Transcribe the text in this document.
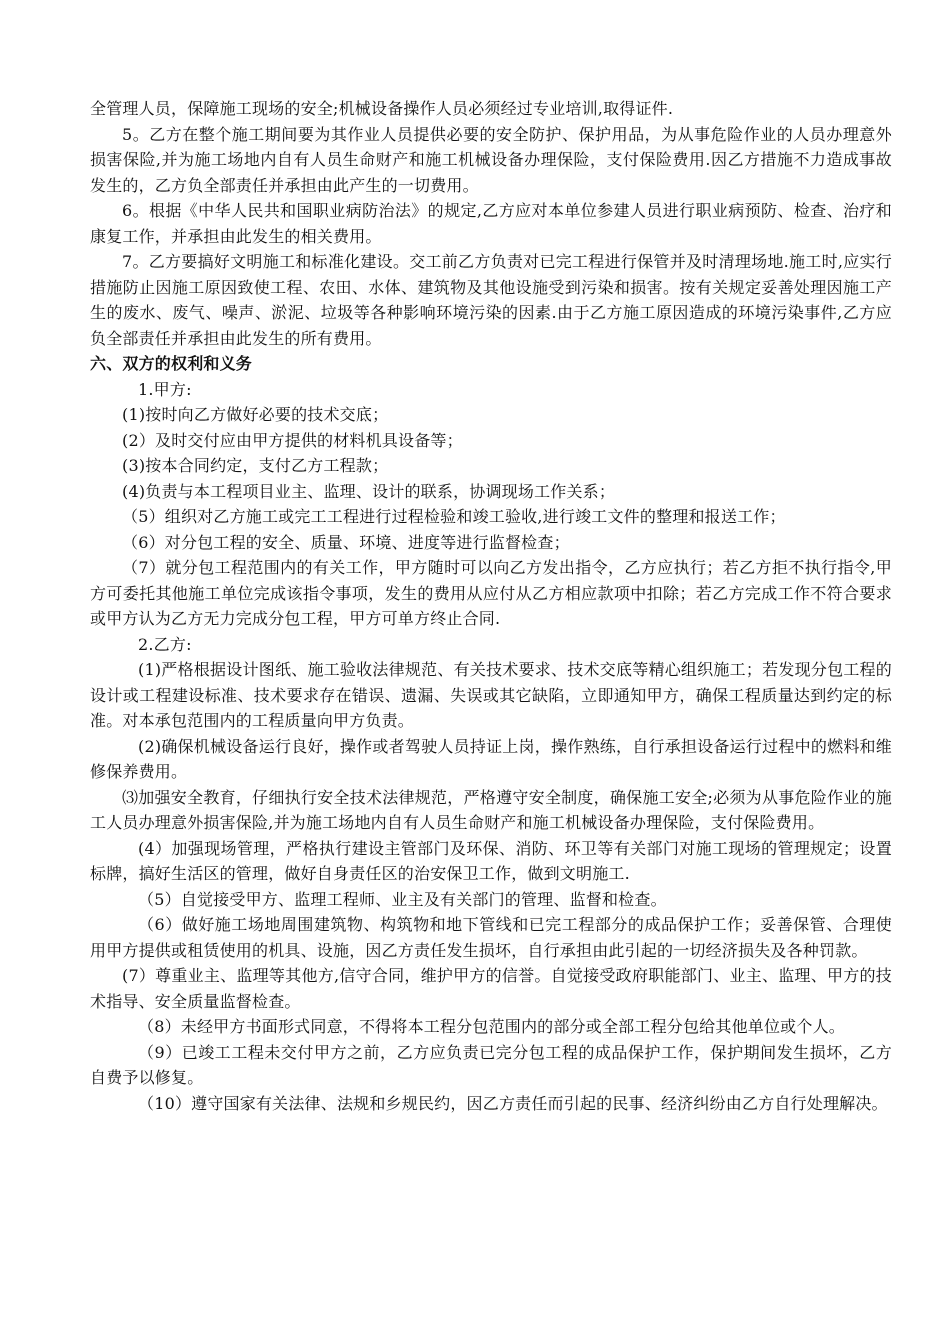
全管理人员，保障施工现场的安全;机械设备操作人员必须经过专业培训,取得证件.

5。乙方在整个施工期间要为其作业人员提供必要的安全防护、保护用品，为从事危险作业的人员办理意外损害保险,并为施工场地内自有人员生命财产和施工机械设备办理保险，支付保险费用.因乙方措施不力造成事故发生的，乙方负全部责任并承担由此产生的一切费用。

6。根据《中华人民共和国职业病防治法》的规定,乙方应对本单位参建人员进行职业病预防、检查、治疗和康复工作，并承担由此发生的相关费用。

7。乙方要搞好文明施工和标准化建设。交工前乙方负责对已完工程进行保管并及时清理场地.施工时,应实行措施防止因施工原因致使工程、农田、水体、建筑物及其他设施受到污染和损害。按有关规定妥善处理因施工产生的废水、废气、噪声、淤泥、垃圾等各种影响环境污染的因素.由于乙方施工原因造成的环境污染事件,乙方应负全部责任并承担由此发生的所有费用。

六、双方的权利和义务

1.甲方:

(1)按时向乙方做好必要的技术交底；

(2）及时交付应由甲方提供的材料机具设备等；

(3)按本合同约定，支付乙方工程款；

(4)负责与本工程项目业主、监理、设计的联系，协调现场工作关系；

（5）组织对乙方施工或完工工程进行过程检验和竣工验收,进行竣工文件的整理和报送工作；

（6）对分包工程的安全、质量、环境、进度等进行监督检查；

（7）就分包工程范围内的有关工作，甲方随时可以向乙方发出指令，乙方应执行；若乙方拒不执行指令,甲方可委托其他施工单位完成该指令事项，发生的费用从应付从乙方相应款项中扣除；若乙方完成工作不符合要求或甲方认为乙方无力完成分包工程，甲方可单方终止合同.

2.乙方:

(1)严格根据设计图纸、施工验收法律规范、有关技术要求、技术交底等精心组织施工；若发现分包工程的设计或工程建设标准、技术要求存在错误、遗漏、失误或其它缺陷，立即通知甲方，确保工程质量达到约定的标准。对本承包范围内的工程质量向甲方负责。

(2)确保机械设备运行良好，操作或者驾驶人员持证上岗，操作熟练，自行承担设备运行过程中的燃料和维修保养费用。

⑶加强安全教育，仔细执行安全技术法律规范，严格遵守安全制度，确保施工安全;必须为从事危险作业的施工人员办理意外损害保险,并为施工场地内自有人员生命财产和施工机械设备办理保险，支付保险费用。

(4）加强现场管理，严格执行建设主管部门及环保、消防、环卫等有关部门对施工现场的管理规定；设置标牌，搞好生活区的管理，做好自身责任区的治安保卫工作，做到文明施工.

（5）自觉接受甲方、监理工程师、业主及有关部门的管理、监督和检查。

（6）做好施工场地周围建筑物、构筑物和地下管线和已完工程部分的成品保护工作；妥善保管、合理使用甲方提供或租赁使用的机具、设施，因乙方责任发生损坏，自行承担由此引起的一切经济损失及各种罚款。

(7）尊重业主、监理等其他方,信守合同，维护甲方的信誉。自觉接受政府职能部门、业主、监理、甲方的技术指导、安全质量监督检查。

（8）未经甲方书面形式同意，不得将本工程分包范围内的部分或全部工程分包给其他单位或个人。

（9）已竣工工程未交付甲方之前，乙方应负责已完分包工程的成品保护工作，保护期间发生损坏，乙方自费予以修复。

（10）遵守国家有关法律、法规和乡规民约，因乙方责任而引起的民事、经济纠纷由乙方自行处理解决。
